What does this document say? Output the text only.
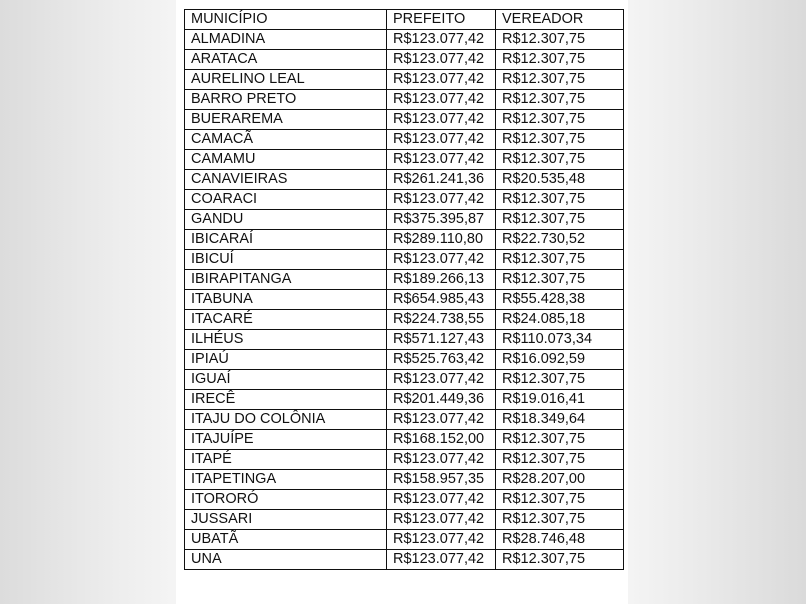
MUNICÍPIO	PREFEITO	VEREADOR
ALMADINA	R$123.077,42	R$12.307,75
ARATACA	R$123.077,42	R$12.307,75
AURELINO LEAL	R$123.077,42	R$12.307,75
BARRO PRETO	R$123.077,42	R$12.307,75
BUERAREMA	R$123.077,42	R$12.307,75
CAMACÃ	R$123.077,42	R$12.307,75
CAMAMU	R$123.077,42	R$12.307,75
CANAVIEIRAS	R$261.241,36	R$20.535,48
COARACI	R$123.077,42	R$12.307,75
GANDU	R$375.395,87	R$12.307,75
IBICARAÍ	R$289.110,80	R$22.730,52
IBICUÍ	R$123.077,42	R$12.307,75
IBIRAPITANGA	R$189.266,13	R$12.307,75
ITABUNA	R$654.985,43	R$55.428,38
ITACARÉ	R$224.738,55	R$24.085,18
ILHÉUS	R$571.127,43	R$110.073,34
IPIAÚ	R$525.763,42	R$16.092,59
IGUAÍ	R$123.077,42	R$12.307,75
IRECÊ	R$201.449,36	R$19.016,41
ITAJU DO COLÔNIA	R$123.077,42	R$18.349,64
ITAJUÍPE	R$168.152,00	R$12.307,75
ITAPÉ	R$123.077,42	R$12.307,75
ITAPETINGA	R$158.957,35	R$28.207,00
ITORORÓ	R$123.077,42	R$12.307,75
JUSSARI	R$123.077,42	R$12.307,75
UBATÃ	R$123.077,42	R$28.746,48
UNA	R$123.077,42	R$12.307,75
